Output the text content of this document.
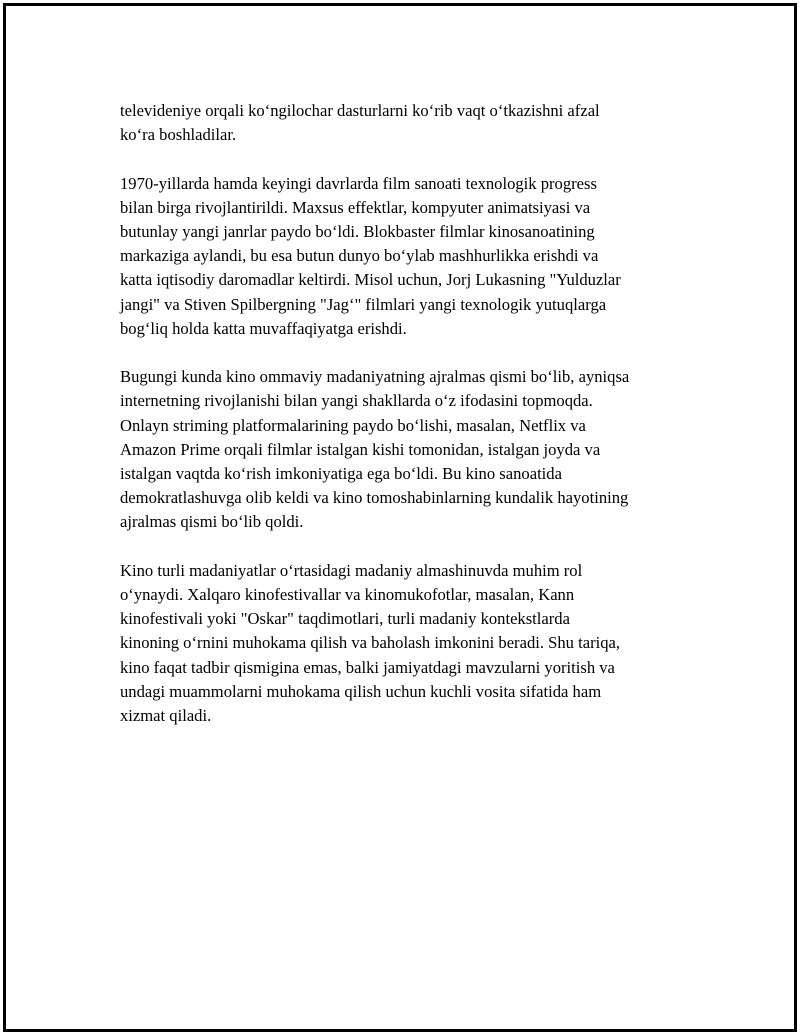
televideniye orqali ko‘ngilochar dasturlarni ko‘rib vaqt o‘tkazishni afzal
ko‘ra boshladilar.

1970-yillarda hamda keyingi davrlarda film sanoati texnologik progress
bilan birga rivojlantirildi. Maxsus effektlar, kompyuter animatsiyasi va
butunlay yangi janrlar paydo bo‘ldi. Blokbaster filmlar kinosanoatining
markaziga aylandi, bu esa butun dunyo bo‘ylab mashhurlikka erishdi va
katta iqtisodiy daromadlar keltirdi. Misol uchun, Jorj Lukasning "Yulduzlar
jangi" va Stiven Spilbergning "Jag‘" filmlari yangi texnologik yutuqlarga
bog‘liq holda katta muvaffaqiyatga erishdi.

Bugungi kunda kino ommaviy madaniyatning ajralmas qismi bo‘lib, ayniqsa
internetning rivojlanishi bilan yangi shakllarda o‘z ifodasini topmoqda.
Onlayn striming platformalarining paydo bo‘lishi, masalan, Netflix va
Amazon Prime orqali filmlar istalgan kishi tomonidan, istalgan joyda va
istalgan vaqtda ko‘rish imkoniyatiga ega bo‘ldi. Bu kino sanoatida
demokratlashuvga olib keldi va kino tomoshabinlarning kundalik hayotining
ajralmas qismi bo‘lib qoldi.

Kino turli madaniyatlar o‘rtasidagi madaniy almashinuvda muhim rol
o‘ynaydi. Xalqaro kinofestivallar va kinomukofotlar, masalan, Kann
kinofestivali yoki "Oskar" taqdimotlari, turli madaniy kontekstlarda
kinoning o‘rnini muhokama qilish va baholash imkonini beradi. Shu tariqa,
kino faqat tadbir qismigina emas, balki jamiyatdagi mavzularni yoritish va
undagi muammolarni muhokama qilish uchun kuchli vosita sifatida ham
xizmat qiladi.
